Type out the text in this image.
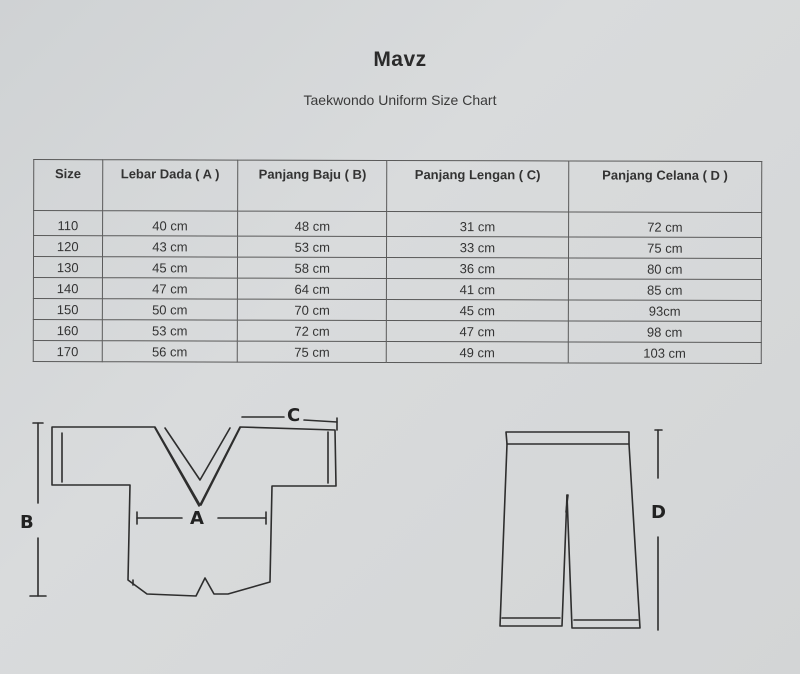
Mavz
Taekwondo Uniform Size Chart
Size	Lebar Dada ( A )	Panjang Baju ( B)	Panjang Lengan ( C)	Panjang Celana ( D )
110	40 cm	48 cm	31 cm	72 cm
120	43 cm	53 cm	33 cm	75 cm
130	45 cm	58 cm	36 cm	80 cm
140	47 cm	64 cm	41 cm	85 cm
150	50 cm	70 cm	45 cm	93cm
160	53 cm	72 cm	47 cm	98 cm
170	56 cm	75 cm	49 cm	103 cm
B	A
C
D
